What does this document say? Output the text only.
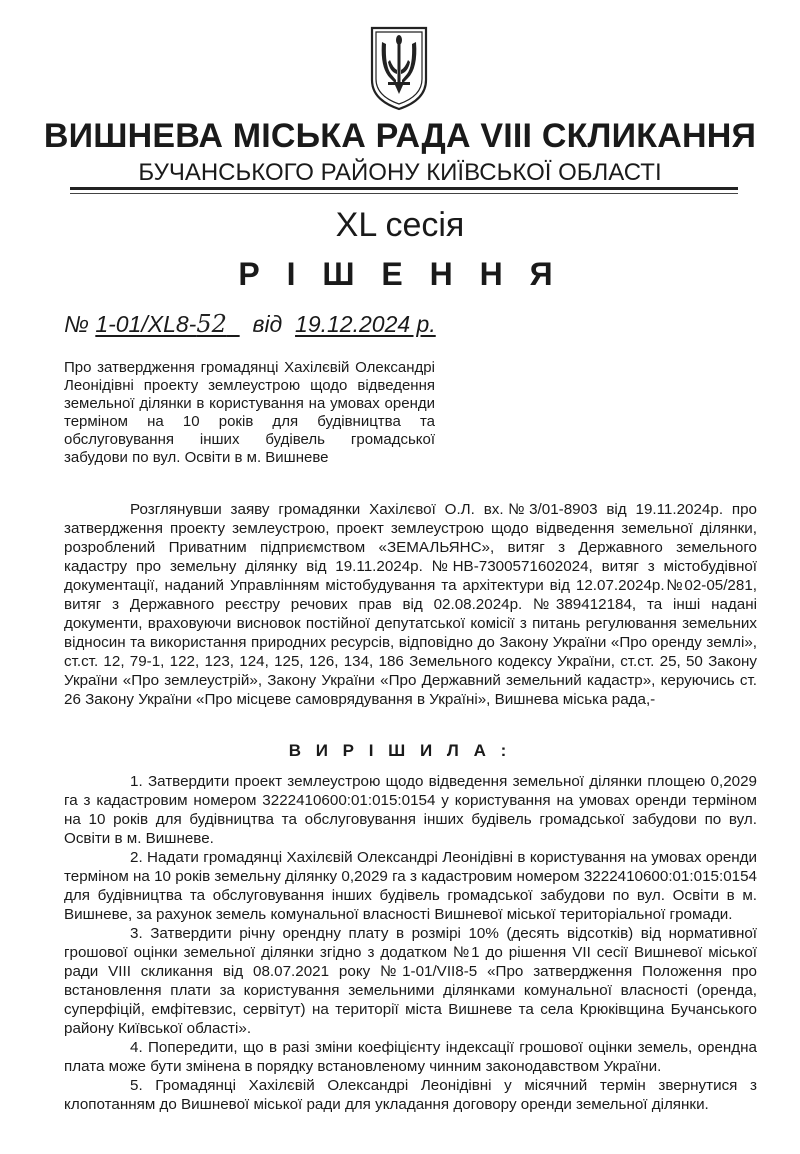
ВИШНЕВА МІСЬКА РАДА VIII СКЛИКАННЯ
БУЧАНСЬКОГО РАЙОНУ КИЇВСЬКОЇ ОБЛАСТІ
XL сесія
Р І Ш Е Н Н Я
№ 1-01/XL8-52 від 19.12.2024 р.
Про затвердження громадянці Хахілєвій Олександрі Леонідівні проекту землеустрою щодо відведення земельної ділянки в користування на умовах оренди терміном на 10 років для будівництва та обслуговування інших будівель громадської забудови по вул. Освіти в м. Вишневе
Розглянувши заяву громадянки Хахілєвої О.Л. вх.№3/01-8903 від 19.11.2024р. про затвердження проекту землеустрою, проект землеустрою щодо відведення земельної ділянки, розроблений Приватним підприємством «ЗЕМАЛЬЯНС», витяг з Державного земельного кадастру про земельну ділянку від 19.11.2024р. №НВ-7300571602024, витяг з містобудівної документації, наданий Управлінням містобудування та архітектури від 12.07.2024р.№02-05/281, витяг з Державного реєстру речових прав від 02.08.2024р. №389412184, та інші надані документи, враховуючи висновок постійної депутатської комісії з питань регулювання земельних відносин та використання природних ресурсів, відповідно до Закону України «Про оренду землі», ст.ст. 12, 79-1, 122, 123, 124, 125, 126, 134, 186 Земельного кодексу України, ст.ст. 25, 50 Закону України «Про землеустрій», Закону України «Про Державний земельний кадастр», керуючись ст. 26 Закону України «Про місцеве самоврядування в Україні», Вишнева міська рада,-
В И Р І Ш И Л А :

1. Затвердити проект землеустрою щодо відведення земельної ділянки площею 0,2029 га з кадастровим номером 3222410600:01:015:0154 у користування на умовах оренди терміном на 10 років для будівництва та обслуговування інших будівель громадської забудови по вул. Освіти в м. Вишневе.

2. Надати громадянці Хахілєвій Олександрі Леонідівні в користування на умовах оренди терміном на 10 років земельну ділянку 0,2029 га з кадастровим номером 3222410600:01:015:0154 для будівництва та обслуговування інших будівель громадської забудови по вул. Освіти в м. Вишневе, за рахунок земель комунальної власності Вишневої міської територіальної громади.

3. Затвердити річну орендну плату в розмірі 10% (десять відсотків) від нормативної грошової оцінки земельної ділянки згідно з додатком №1 до рішення VII сесії Вишневої міської ради VIII скликання від 08.07.2021 року №1-01/VII8-5 «Про затвердження Положення про встановлення плати за користування земельними ділянками комунальної власності (оренда, суперфіцій, емфітевзис, сервітут) на території міста Вишневе та села Крюківщина Бучанського району Київської області».

4. Попередити, що в разі зміни коефіцієнту індексації грошової оцінки земель, орендна плата може бути змінена в порядку встановленому чинним законодавством України.

5. Громадянці Хахілєвій Олександрі Леонідівні у місячний термін звернутися з клопотанням до Вишневої міської ради для укладання договору оренди земельної ділянки.
